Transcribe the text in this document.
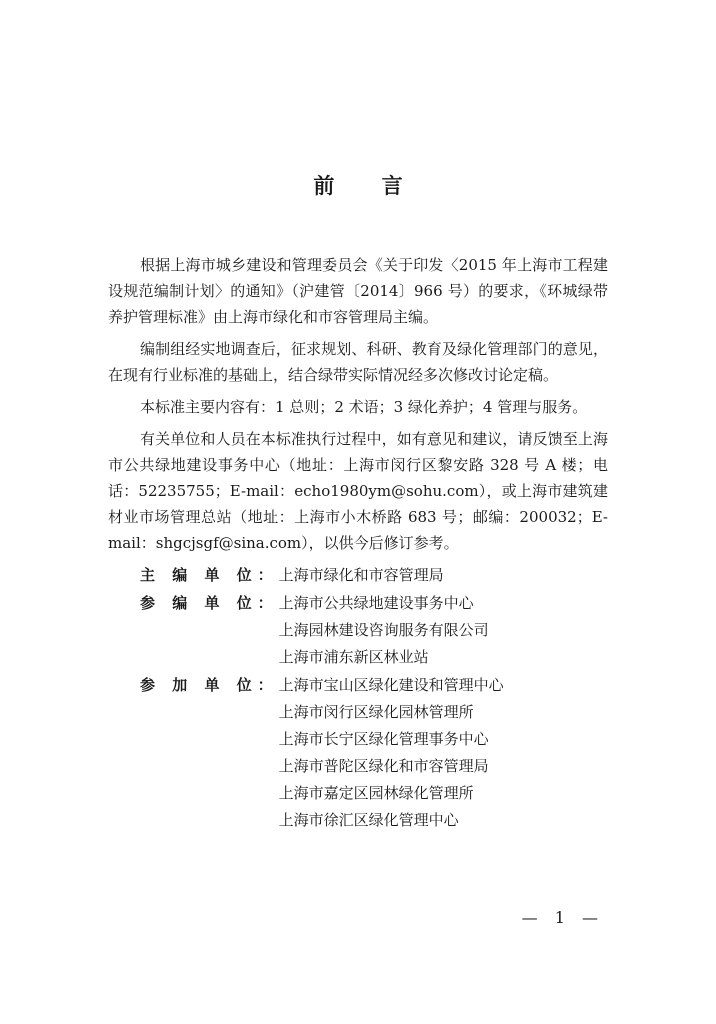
前 言

根据上海市城乡建设和管理委员会《关于印发〈2015 年上海市工程建设规范编制计划〉的通知》（沪建管〔2014〕966 号）的要求，《环城绿带养护管理标准》由上海市绿化和市容管理局主编。

编制组经实地调查后，征求规划、科研、教育及绿化管理部门的意见，在现有行业标准的基础上，结合绿带实际情况经多次修改讨论定稿。

本标准主要内容有：1 总则；2 术语；3 绿化养护；4 管理与服务。

有关单位和人员在本标准执行过程中，如有意见和建议，请反馈至上海市公共绿地建设事务中心（地址：上海市闵行区黎安路 328 号 A 楼；电话：52235755；E-mail：echo1980ym@sohu.com），或上海市建筑建材业市场管理总站（地址：上海市小木桥路 683 号；邮编：200032；E-mail：shgcjsgf@sina.com），以供今后修订参考。

主 编 单 位： 上海市绿化和市容管理局
参 编 单 位： 上海市公共绿地建设事务中心
上海园林建设咨询服务有限公司
上海市浦东新区林业站
参 加 单 位： 上海市宝山区绿化建设和管理中心
上海市闵行区绿化园林管理所
上海市长宁区绿化管理事务中心
上海市普陀区绿化和市容管理局
上海市嘉定区园林绿化管理所
上海市徐汇区绿化管理中心
— 1 —
